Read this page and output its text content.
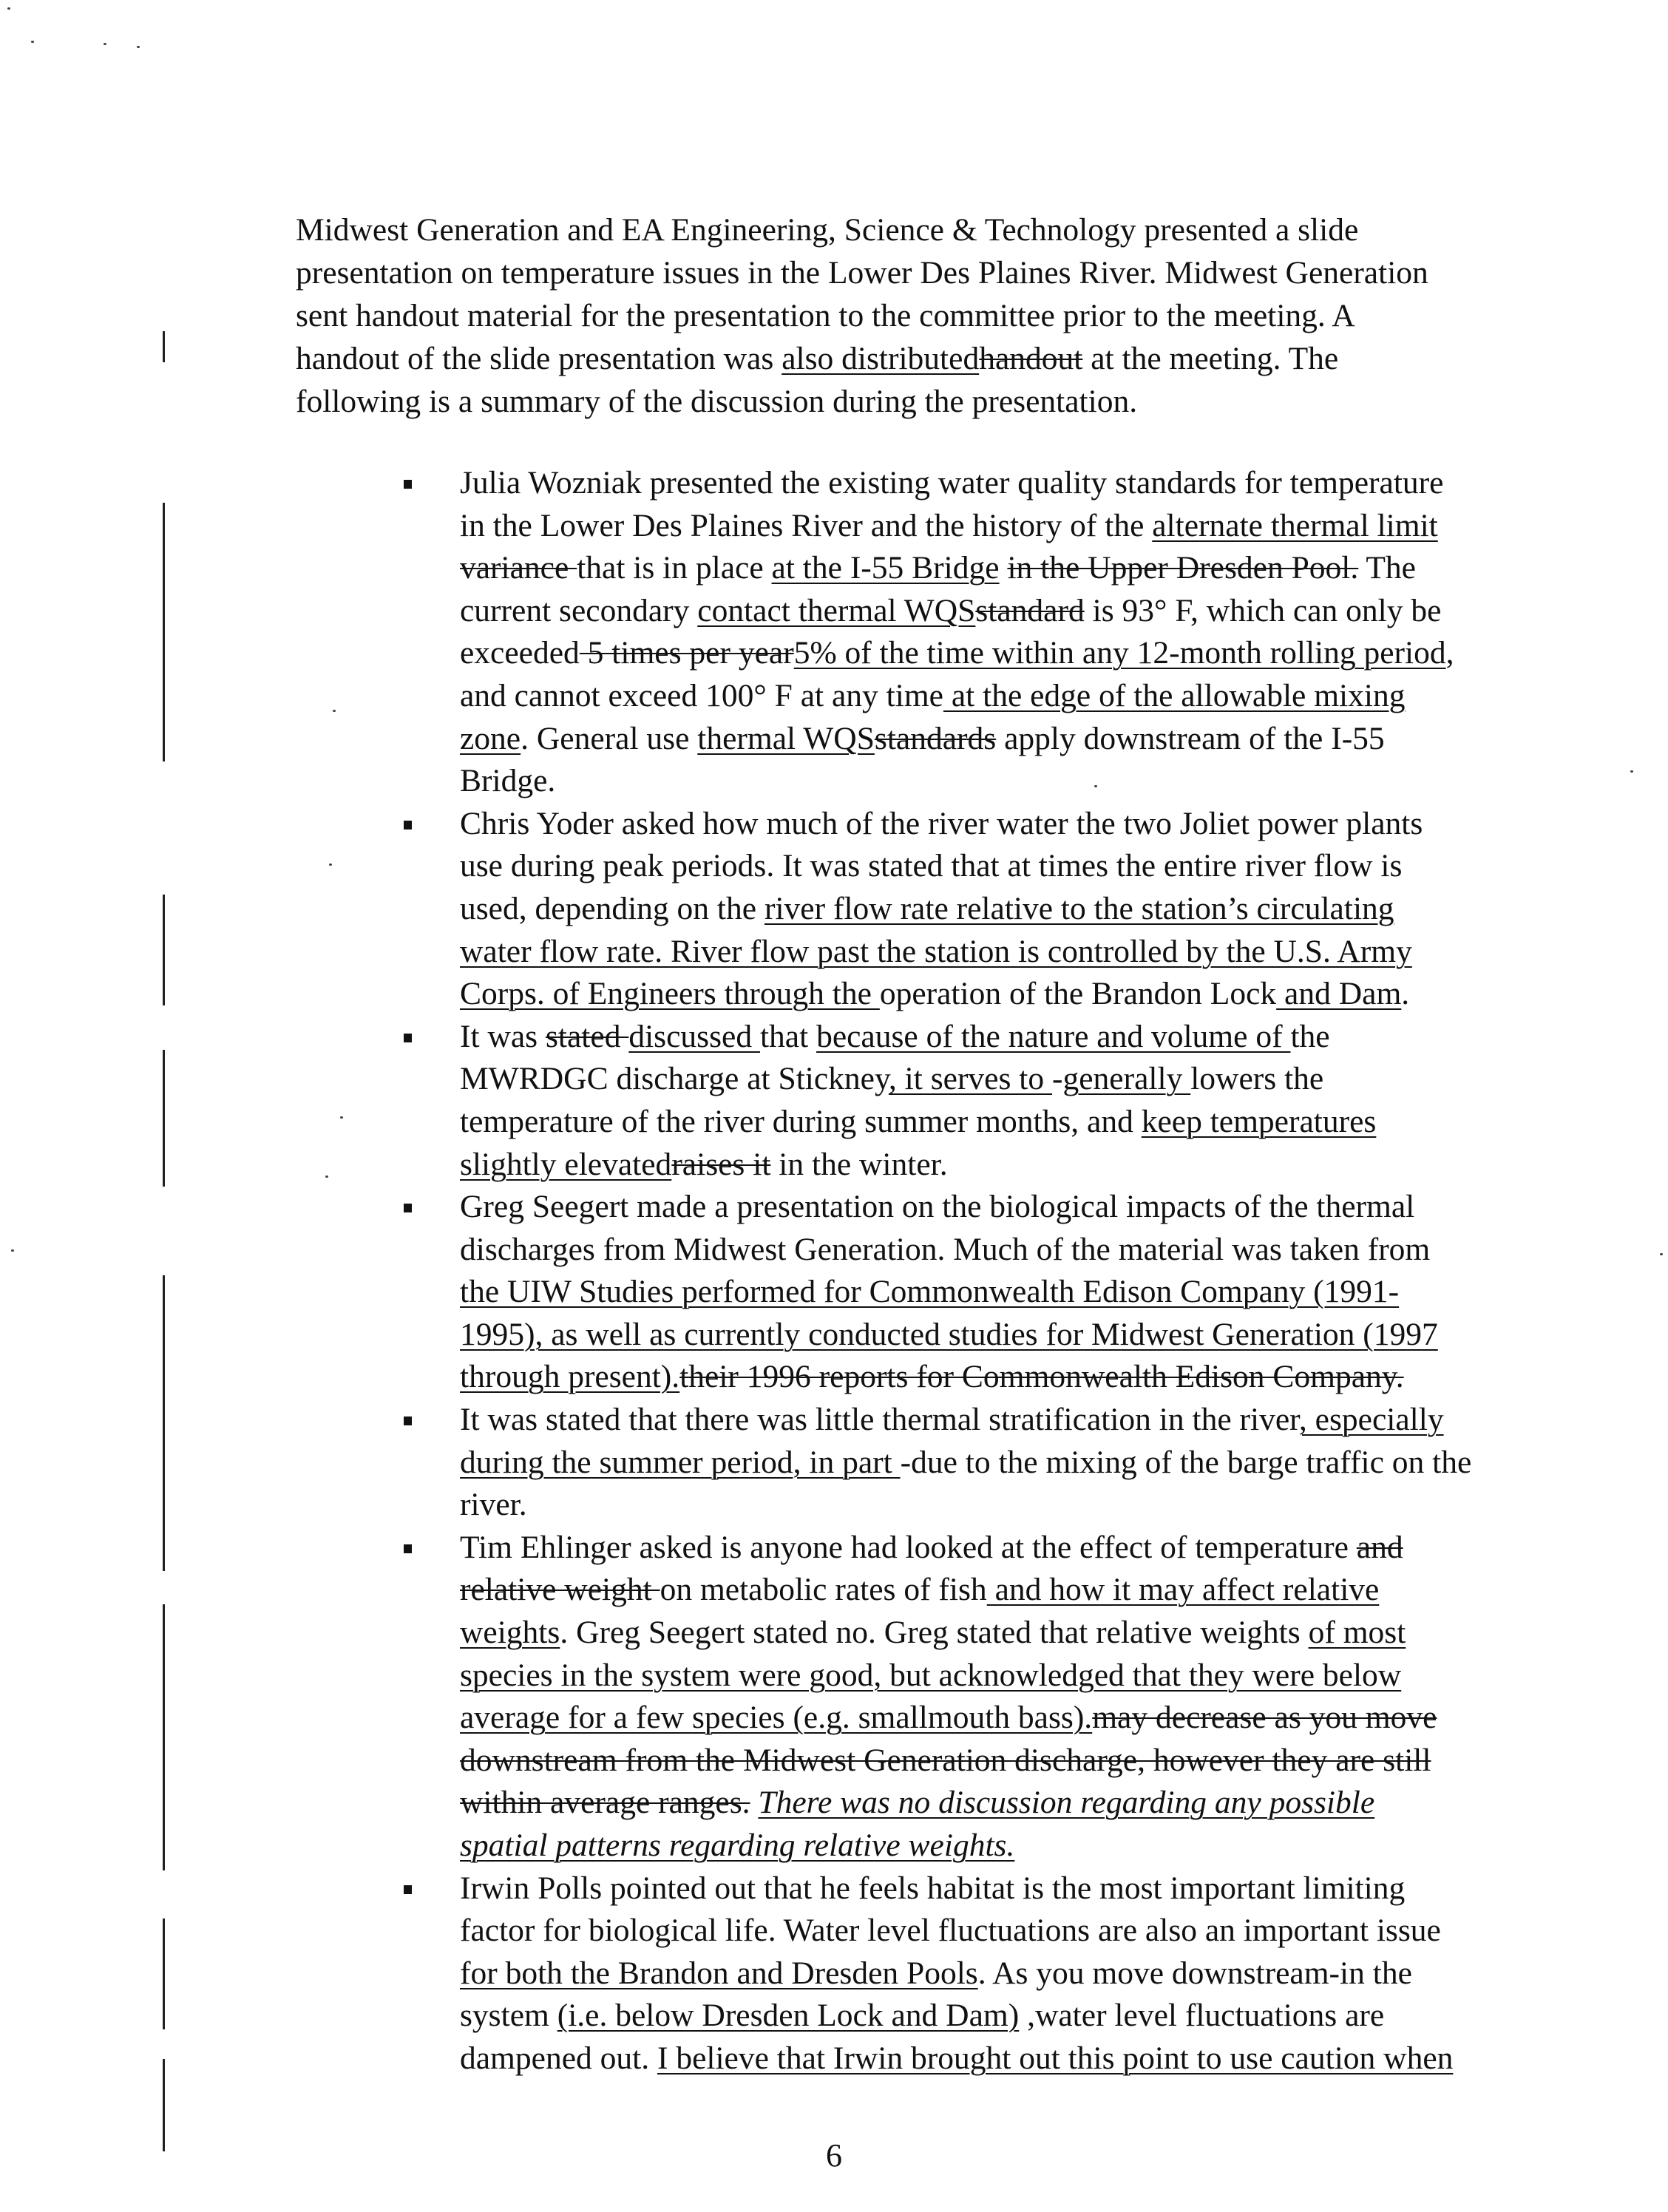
Midwest Generation and EA Engineering, Science & Technology presented a slide
presentation on temperature issues in the Lower Des Plaines River. Midwest Generation
sent handout material for the presentation to the committee prior to the meeting. A
handout of the slide presentation was also distributedhandout at the meeting. The
following is a summary of the discussion during the presentation.
Julia Wozniak presented the existing water quality standards for temperature
in the Lower Des Plaines River and the history of the alternate thermal limit
variance that is in place at the I-55 Bridge in the Upper Dresden Pool. The
current secondary contact thermal WQSstandard is 93° F, which can only be
exceeded 5 times per year5% of the time within any 12-month rolling period,
and cannot exceed 100° F at any time at the edge of the allowable mixing
zone. General use thermal WQSstandards apply downstream of the I-55
Bridge.
Chris Yoder asked how much of the river water the two Joliet power plants
use during peak periods. It was stated that at times the entire river flow is
used, depending on the river flow rate relative to the station’s circulating
water flow rate. River flow past the station is controlled by the U.S. Army
Corps. of Engineers through the operation of the Brandon Lock and Dam.
It was stated discussed that because of the nature and volume of the
MWRDGC discharge at Stickney, it serves to -generally lowers the
temperature of the river during summer months, and keep temperatures
slightly elevatedraises it in the winter.
Greg Seegert made a presentation on the biological impacts of the thermal
discharges from Midwest Generation. Much of the material was taken from
the UIW Studies performed for Commonwealth Edison Company (1991-
1995), as well as currently conducted studies for Midwest Generation (1997
through present).their 1996 reports for Commonwealth Edison Company.
It was stated that there was little thermal stratification in the river, especially
during the summer period, in part -due to the mixing of the barge traffic on the
river.
Tim Ehlinger asked is anyone had looked at the effect of temperature and
relative weight on metabolic rates of fish and how it may affect relative
weights. Greg Seegert stated no. Greg stated that relative weights of most
species in the system were good, but acknowledged that they were below
average for a few species (e.g. smallmouth bass).may decrease as you move
downstream from the Midwest Generation discharge, however they are still
within average ranges. There was no discussion regarding any possible
spatial patterns regarding relative weights.
Irwin Polls pointed out that he feels habitat is the most important limiting
factor for biological life. Water level fluctuations are also an important issue
for both the Brandon and Dresden Pools. As you move downstream-in the
system (i.e. below Dresden Lock and Dam) ,water level fluctuations are
dampened out. I believe that Irwin brought out this point to use caution when
6
